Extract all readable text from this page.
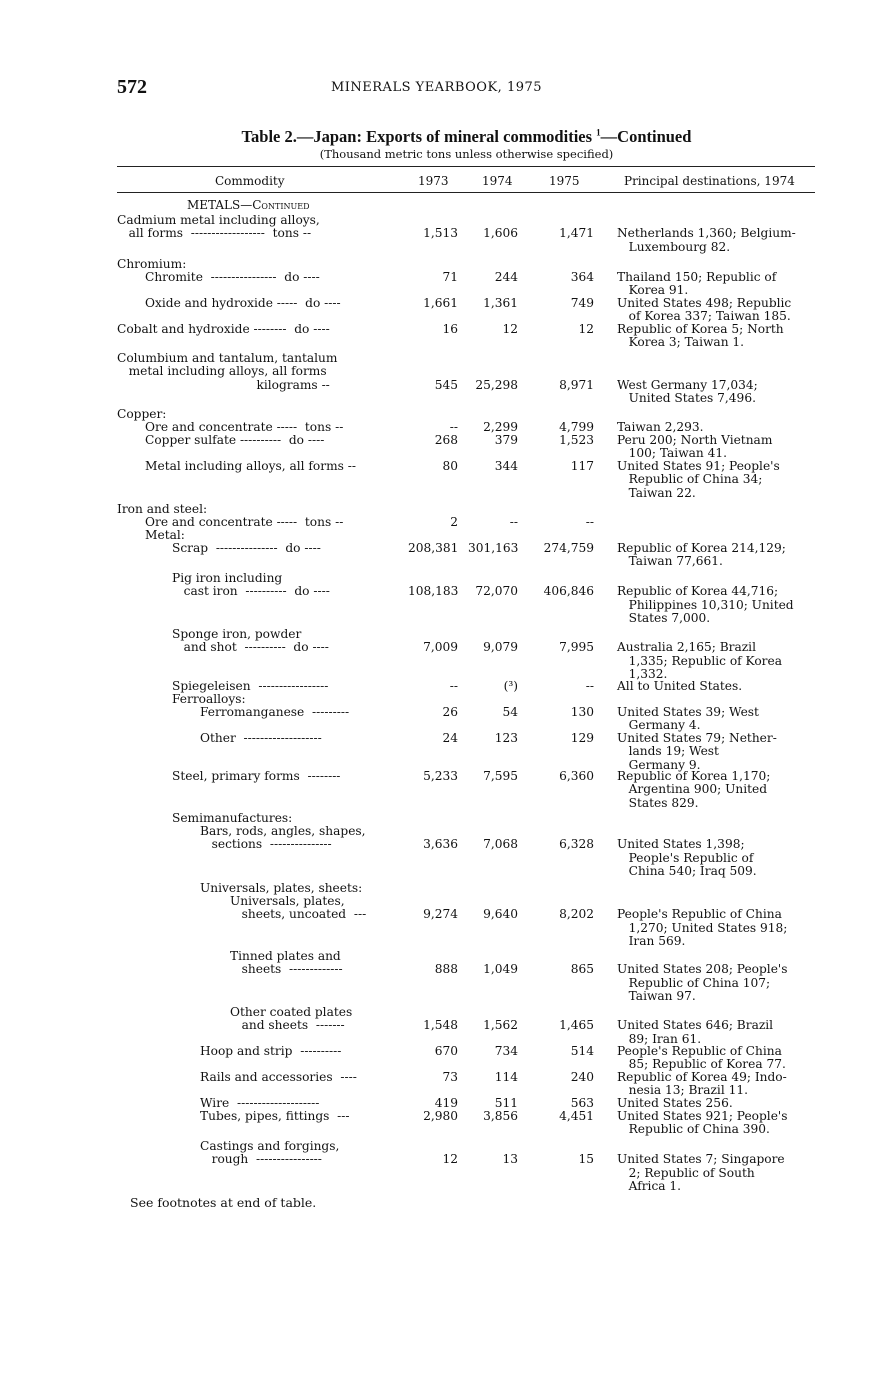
572	MINERALS YEARBOOK, 1975
Table 2.—Japan: Exports of mineral commodities $^1$—Continued
(Thousand metric tons unless otherwise specified)
Commodity	1973	1974	1975	Principal destinations, 1974
METALS—Continued
Cadmium metal including alloys,
all forms  ------------------  tons --	1,513	1,606	1,471 Netherlands 1,360; Belgium-
Luxembourg 82.
Chromium:
Chromite  ----------------  do ----	71	244	364 Thailand 150; Republic of
Korea 91.
Oxide and hydroxide -----  do ----	1,661	1,361	749 United States 498; Republic
of Korea 337; Taiwan 185.
Cobalt and hydroxide --------  do ----	16	12	12 Republic of Korea 5; North
Korea 3; Taiwan 1.
Columbium and tantalum, tantalum
metal including alloys, all forms
kilograms --	545	25,298	8,971 West Germany 17,034;
United States 7,496.
Copper:
Ore and concentrate -----  tons --	--	2,299	4,799 Taiwan 2,293.
Copper sulfate ----------  do ----	268	379	1,523 Peru 200; North Vietnam
100; Taiwan 41.
Metal including alloys, all forms --	80	344	117 United States 91; People's
Republic of China 34;
Taiwan 22.
Iron and steel:
Ore and concentrate -----  tons --	2	--	--
Metal:
Scrap  ---------------  do ----	208,381 301,163 274,759 Republic of Korea 214,129;
Taiwan 77,661.
Pig iron including
cast iron  ----------  do ----	108,183	72,070 406,846 Republic of Korea 44,716;
Philippines 10,310; United
States 7,000.
Sponge iron, powder
and shot  ----------  do ----	7,009	9,079	7,995 Australia 2,165; Brazil
1,335; Republic of Korea
1,332.
Spiegeleisen  -----------------	--	(³)	-- All to United States.
Ferroalloys:
Ferromanganese  ---------	26	54	130 United States 39; West
Germany 4.
Other  -------------------	24	123	129 United States 79; Nether-
lands 19; West
Germany 9.
Steel, primary forms  --------	5,233	7,595	6,360 Republic of Korea 1,170;
Argentina 900; United
States 829.
Semimanufactures:
Bars, rods, angles, shapes,
sections  ---------------	3,636	7,068	6,328 United States 1,398;
People's Republic of
China 540; Iraq 509.
Universals, plates, sheets:
Universals, plates,
sheets, uncoated  ---	9,274	9,640	8,202 People's Republic of China
1,270; United States 918;
Iran 569.
Tinned plates and
sheets  -------------	888	1,049	865 United States 208; People's
Republic of China 107;
Taiwan 97.
Other coated plates
and sheets  -------	1,548	1,562	1,465 United States 646; Brazil
89; Iran 61.
Hoop and strip  ----------	670	734	514 People's Republic of China
85; Republic of Korea 77.
Rails and accessories  ----	73	114	240 Republic of Korea 49; Indo-
nesia 13; Brazil 11.
Wire  --------------------	419	511	563 United States 256.
Tubes, pipes, fittings  ---	2,980	3,856	4,451 United States 921; People's
Republic of China 390.
Castings and forgings,
rough  ----------------	12	13	15 United States 7; Singapore
2; Republic of South
Africa 1.
See footnotes at end of table.
